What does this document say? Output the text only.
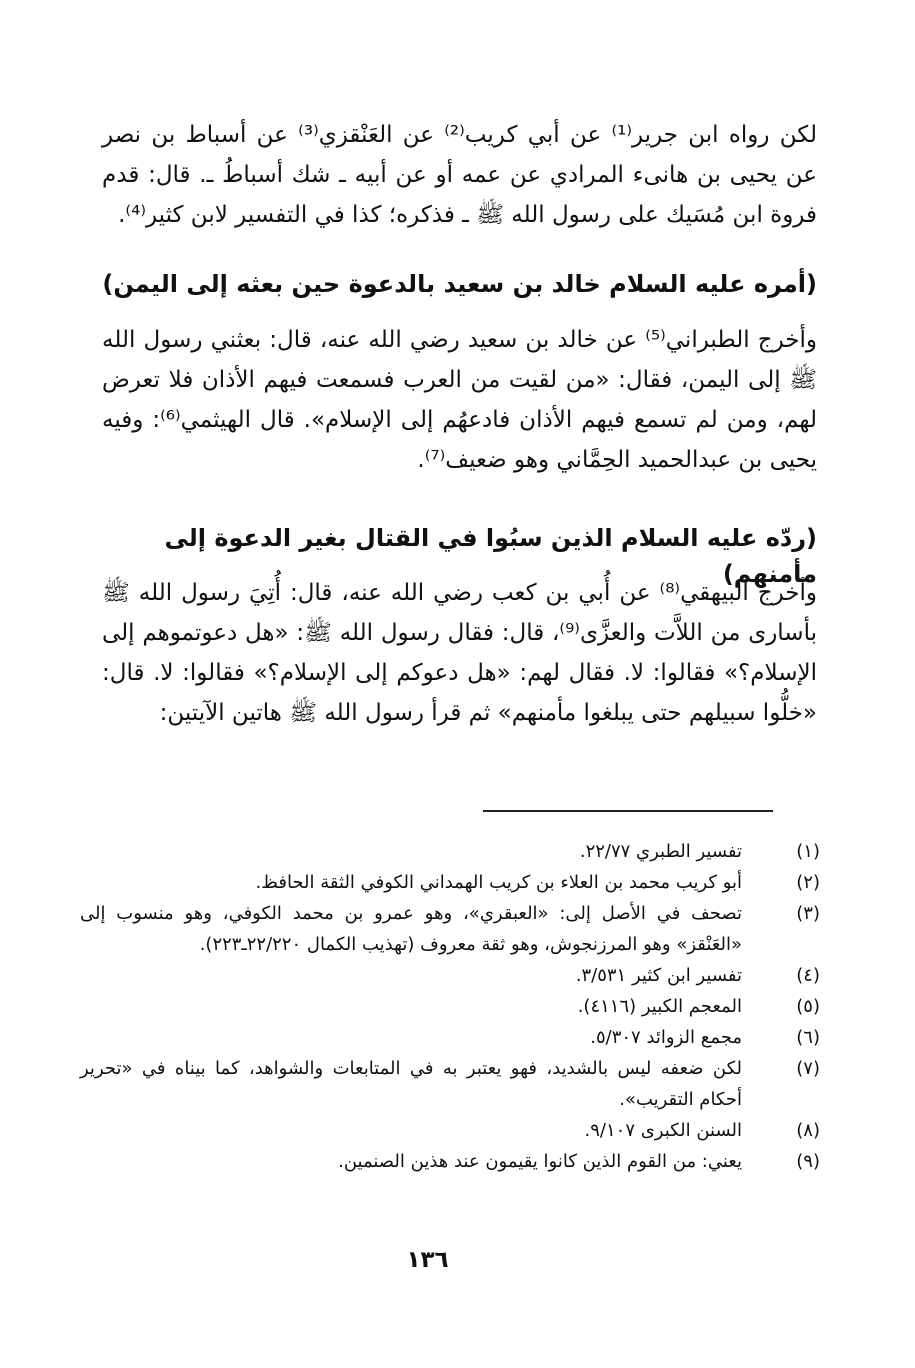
لكن رواه ابن جرير⁽¹⁾ عن أبي كريب⁽²⁾ عن العَنْقزي⁽³⁾ عن أسباط بن نصر عن يحيى بن هانىء المرادي عن عمه أو عن أبيه ـ شك أسباطُ ـ. قال: قدم فروة ابن مُسَيك على رسول الله ﷺ ـ فذكره؛ كذا في التفسير لابن كثير⁽⁴⁾.
(أمره عليه السلام خالد بن سعيد بالدعوة حين بعثه إلى اليمن)
وأخرج الطبراني⁽⁵⁾ عن خالد بن سعيد رضي الله عنه، قال: بعثني رسول الله ﷺ إلى اليمن، فقال: «من لقيت من العرب فسمعت فيهم الأذان فلا تعرض لهم، ومن لم تسمع فيهم الأذان فادعهُم إلى الإسلام». قال الهيثمي⁽⁶⁾: وفيه يحيى بن عبدالحميد الحِمَّاني وهو ضعيف⁽⁷⁾.
(ردّه عليه السلام الذين سبُوا في القتال بغير الدعوة إلى مأمنهم)
وأخرج البيهقي⁽⁸⁾ عن أُبي بن كعب رضي الله عنه، قال: أُتِيَ رسول الله ﷺ بأسارى من اللاَّت والعزَّى⁽⁹⁾، قال: فقال رسول الله ﷺ: «هل دعوتموهم إلى الإسلام؟» فقالوا: لا. فقال لهم: «هل دعوكم إلى الإسلام؟» فقالوا: لا. قال: «خلُّوا سبيلهم حتى يبلغوا مأمنهم» ثم قرأ رسول الله ﷺ هاتين الآيتين:
(١)
تفسير الطبري ٢٢/٧٧.
(٢)
أبو كريب محمد بن العلاء بن كريب الهمداني الكوفي الثقة الحافظ.
(٣)
تصحف في الأصل إلى: «العبقري»، وهو عمرو بن محمد الكوفي، وهو منسوب إلى «العَنْقز» وهو المرزنجوش، وهو ثقة معروف (تهذيب الكمال ٢٢/٢٢٠ـ٢٢٣).
(٤)
تفسير ابن كثير ٣/٥٣١.
(٥)
المعجم الكبير (٤١١٦).
(٦)
مجمع الزوائد ٥/٣٠٧.
(٧)
لكن ضعفه ليس بالشديد، فهو يعتبر به في المتابعات والشواهد، كما بيناه في «تحرير أحكام التقريب».
(٨)
السنن الكبرى ٩/١٠٧.
(٩)
يعني: من القوم الذين كانوا يقيمون عند هذين الصنمين.
١٣٦
